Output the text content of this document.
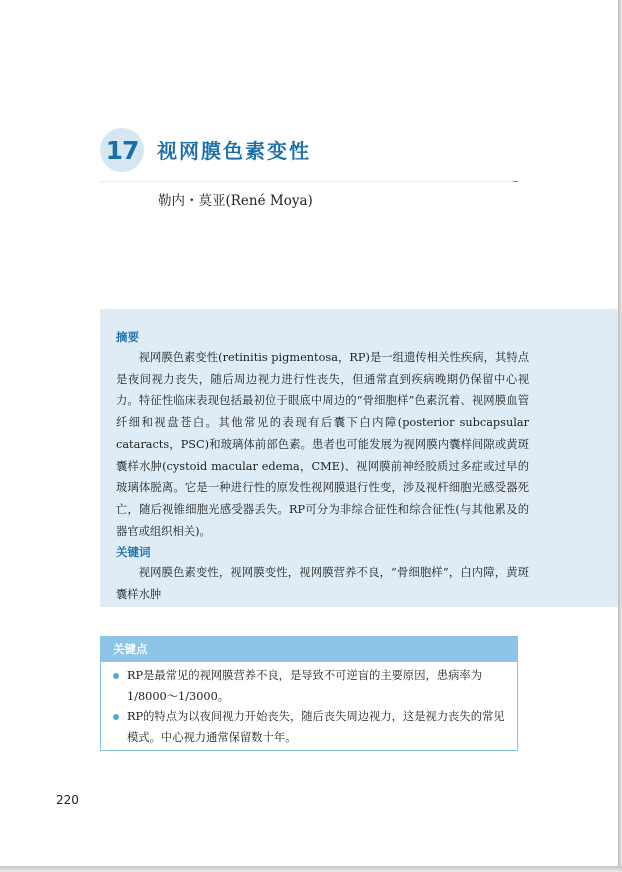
17 视网膜色素变性
勒内・莫亚(René Moya)
摘要

视网膜色素变性(retinitis pigmentosa，RP)是一组遗传相关性疾病，其特点是夜间视力丧失，随后周边视力进行性丧失，但通常直到疾病晚期仍保留中心视力。特征性临床表现包括最初位于眼底中周边的“骨细胞样”色素沉着、视网膜血管纤细和视盘苍白。其他常见的表现有后囊下白内障(posterior subcapsular cataracts，PSC)和玻璃体前部色素。患者也可能发展为视网膜内囊样间隙或黄斑囊样水肿(cystoid macular edema，CME)、视网膜前神经胶质过多症或过早的玻璃体脱离。它是一种进行性的原发性视网膜退行性变，涉及视杆细胞光感受器死亡，随后视锥细胞光感受器丢失。RP可分为非综合征性和综合征性(与其他累及的器官或组织相关)。

关键词

视网膜色素变性，视网膜变性，视网膜营养不良，“骨细胞样”，白内障，黄斑囊样水肿

关键点
RP是最常见的视网膜营养不良，是导致不可逆盲的主要原因，患病率为1/8000～1/3000。
RP的特点为以夜间视力开始丧失，随后丧失周边视力，这是视力丧失的常见模式。中心视力通常保留数十年。
220
